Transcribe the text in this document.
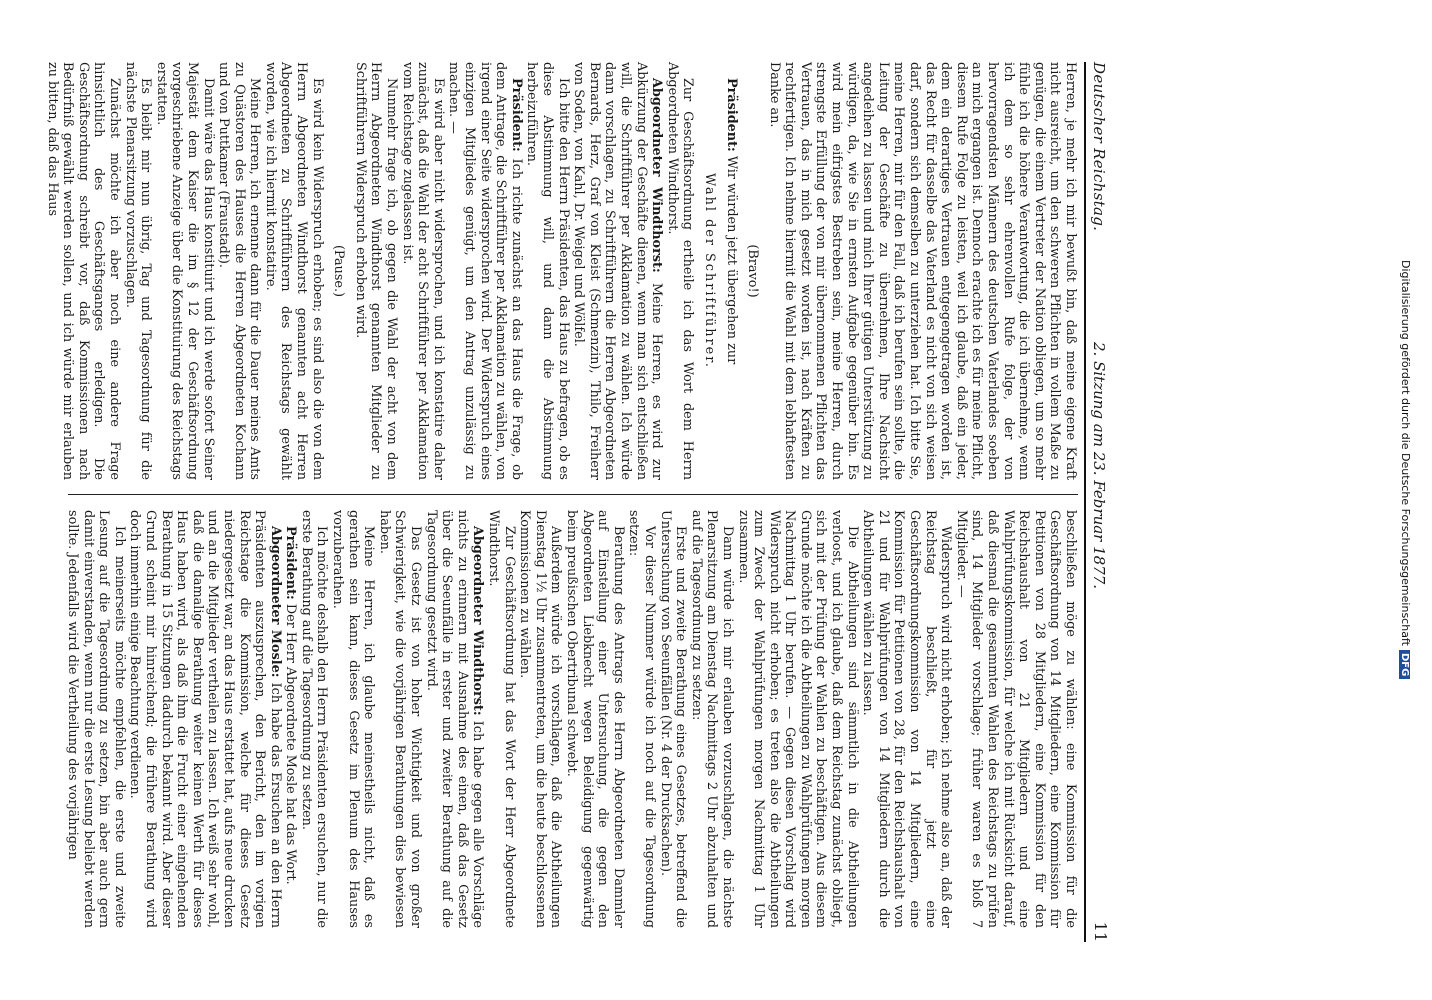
Deutscher Reichstag.
2. Sitzung am 23. Februar 1877.
11

Herren, je mehr ich mir bewußt bin, daß meine eigene Kraft nicht ausreicht, um den schweren Pflichten in vollem Maße zu genügen, die einem Vertreter der Nation obliegen, um so mehr fühle ich die höhere Verantwortung, die ich übernehme, wenn ich dem so sehr ehrenvollen Rufe folge, der von hervorragendsten Männern des deutschen Vaterlandes soeben an mich ergangen ist. Dennoch erachte ich es für meine Pflicht, diesem Rufe Folge zu leisten, weil ich glaube, daß ein jeder, dem ein derartiges Vertrauen entgegengetragen worden ist, das Recht für dasselbe das Vaterland es nicht von sich weisen darf, sondern sich demselben zu unterziehen hat. Ich bitte Sie, meine Herren, mir für den Fall, daß ich berufen sein sollte, die Leitung der Geschäfte zu übernehmen, Ihre Nachsicht angedeihen zu lassen und mich Ihrer gütigen Unterstützung zu würdigen, da, wie Sie in ernsten Aufgabe gegenüber bin. Es wird mein eifrigstes Bestreben sein, meine Herren, durch strengste Erfüllung der von mir übernommenen Pflichten das Vertrauen, das in mich gesetzt worden ist, nach Kräften zu rechtfertigen. Ich nehme hiermit die Wahl mit dem lebhaftesten Danke an.

(Bravo!)

Präsident: Wir würden jetzt übergehen zur

Wahl der Schriftführer.

Zur Geschäftsordnung ertheile ich das Wort dem Herrn Abgeordneten Windthorst.

Abgeordneter Windthorst: Meine Herren, es wird zur Abkürzung der Geschäfte dienen, wenn man sich entschließen will, die Schriftführer per Akklamation zu wählen. Ich würde dann vorschlagen, zu Schriftführern die Herren Abgeordneten Bernards, Herz, Graf von Kleist (Schmenzin), Thilo, Freiherr von Soden, von Kahl, Dr. Weigel und Wölfel.

Ich bitte den Herrn Präsidenten, das Haus zu befragen, ob es diese Abstimmung will, und dann die Abstimmung herbeizuführen.

Präsident: Ich richte zunächst an das Haus die Frage, ob dem Antrage, die Schriftführer per Akklamation zu wählen, von irgend einer Seite widersprochen wird. Der Widerspruch eines einzigen Mitgliedes genügt, um den Antrag unzulässig zu machen. —

Es wird aber nicht widersprochen, und ich konstatire daher zunächst, daß die Wahl der acht Schriftführer per Akklamation vom Reichstage zugelassen ist.

Nunmehr frage ich, ob gegen die Wahl der acht von dem Herrn Abgeordneten Windthorst genannten Mitglieder zu Schriftführern Widerspruch erhoben wird.

(Pause.)

Es wird kein Widerspruch erhoben; es sind also die von dem Herrn Abgeordneten Windthorst genannten acht Herren Abgeordneten zu Schriftführern des Reichstags gewählt worden, wie ich hiermit konstatire.

Meine Herren, ich ernenne dann für die Dauer meines Amts zu Quästoren des Hauses die Herren Abgeordneten Kochann und von Puttkamer (Fraustadt).

Damit wäre das Haus konstituirt und ich werde sofort Seiner Majestät dem Kaiser die im § 12 der Geschäftsordnung vorgeschriebene Anzeige über die Konstituirung des Reichstags erstatten.

Es bleibt mir nun übrig, Tag und Tagesordnung für die nächste Plenarsitzung vorzuschlagen.

Zunächst möchte ich aber noch eine andere Frage hinsichtlich des Geschäftsganges erledigen. Die Geschäftsordnung schreibt vor, daß Kommissionen nach Bedürfniß gewählt werden sollen, und ich würde mir erlauben zu bitten, daß das Haus

beschließen möge zu wählen: eine Kommission für die Geschäftsordnung von 14 Mitgliedern, eine Kommission für Petitionen von 28 Mitgliedern, eine Kommission für den Reichshaushalt von 21 Mitgliedern und eine Wahlprüfungskommission, für welche ich mit Rücksicht darauf, daß diesmal die gesammten Wahlen des Reichstags zu prüfen sind, 14 Mitglieder vorschlage; früher waren es bloß 7 Mitglieder. —

Widerspruch wird nicht erhoben; ich nehme also an, daß der Reichstag beschließt, für jetzt eine Geschäftsordnungskommission von 14 Mitgliedern, eine Kommission für Petitionen von 28, für den Reichshaushalt von 21 und für Wahlprüfungen von 14 Mitgliedern durch die Abtheilungen wählen zu lassen.

Die Abtheilungen sind sämmtlich in die Abtheilungen verloost, und ich glaube, daß dem Reichstag zunächst obliegt, sich mit der Prüfung der Wahlen zu beschäftigen. Aus diesem Grunde möchte ich die Abtheilungen zu Wahlprüfungen morgen Nachmittag 1 Uhr berufen. — Gegen diesen Vorschlag wird Widerspruch nicht erhoben; es treten also die Abtheilungen zum Zweck der Wahlprüfungen morgen Nachmittag 1 Uhr zusammen.

Dann würde ich mir erlauben vorzuschlagen, die nächste Plenarsitzung am Dienstag Nachmittags 2 Uhr abzuhalten und auf die Tagesordnung zu setzen:

Erste und zweite Berathung eines Gesetzes, betreffend die Untersuchung von Seeunfällen (Nr. 4 der Drucksachen).

Vor dieser Nummer würde ich noch auf die Tagesordnung setzen:

Berathung des Antrags des Herrn Abgeordneten Dammler auf Einstellung einer Untersuchung, die gegen den Abgeordneten Liebknecht wegen Beleidigung gegenwärtig beim preußischen Obertribunal schwebt.

Außerdem würde ich vorschlagen, daß die Abtheilungen Dienstag 1½ Uhr zusammentreten, um die heute beschlossenen Kommissionen zu wählen.

Zur Geschäftsordnung hat das Wort der Herr Abgeordnete Windthorst.

Abgeordneter Windthorst: Ich habe gegen alle Vorschläge nichts zu erinnern mit Ausnahme des einen, daß das Gesetz über die Seeunfälle in erster und zweiter Berathung auf die Tagesordnung gesetzt wird.

Das Gesetz ist von hoher Wichtigkeit und von großer Schwierigkeit, wie die vorjährigen Berathungen dies bewiesen haben.

Meine Herren, ich glaube meinestheils nicht, daß es gerathen sein kann, dieses Gesetz im Plenum des Hauses vorzuberathen.

Ich möchte deshalb den Herrn Präsidenten ersuchen, nur die erste Berathung auf die Tagesordnung zu setzen.

Präsident: Der Herr Abgeordnete Mosle hat das Wort.

Abgeordneter Mosle: Ich habe das Ersuchen an den Herrn Präsidenten auszusprechen, den Bericht, den im vorigen Reichstage die Kommission, welche für dieses Gesetz niedergesetzt war, an das Haus erstattet hat, aufs neue drucken und an die Mitglieder vertheilen zu lassen. Ich weiß sehr wohl, daß die damalige Berathung weiter keinen Werth für dieses Haus haben wird, als daß ihm die Frucht einer eingehenden Berathung in 15 Sitzungen dadurch bekannt wird. Aber dieser Grund scheint mir hinreichend; die frühere Berathung wird doch immerhin einige Beachtung verdienen.

Ich meinerseits möchte empfehlen, die erste und zweite Lesung auf die Tagesordnung zu setzen, bin aber auch gern damit einverstanden, wenn nur die erste Lesung beliebt werden sollte. Jedenfalls wird die Vertheilung des vorjährigen

Digitalisierung gefördert durch die Deutsche ForschungsgemeinschaftDFG
